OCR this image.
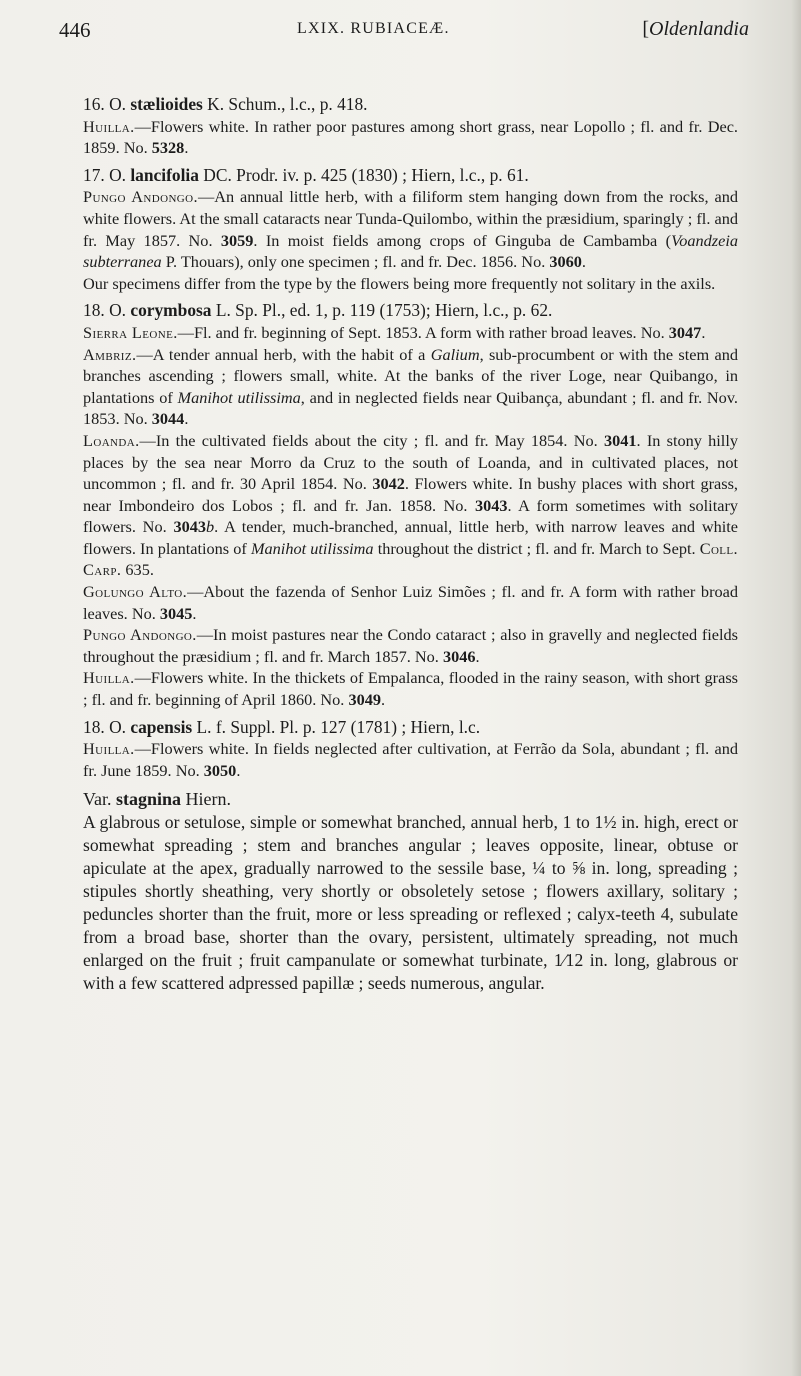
446	LXIX. RUBIACEÆ.	[Oldenlandia

16. O. stælioides K. Schum., l.c., p. 418.

Huilla.—Flowers white. In rather poor pastures among short grass, near Lopollo ; fl. and fr. Dec. 1859. No. 5328.

17. O. lancifolia DC. Prodr. iv. p. 425 (1830) ; Hiern, l.c., p. 61.

Pungo Andongo.—An annual little herb, with a filiform stem hanging down from the rocks, and white flowers. At the small cataracts near Tunda-Quilombo, within the præsidium, sparingly ; fl. and fr. May 1857. No. 3059. In moist fields among crops of Ginguba de Cambamba (Voandzeia subterranea P. Thouars), only one specimen ; fl. and fr. Dec. 1856. No. 3060.

Our specimens differ from the type by the flowers being more frequently not solitary in the axils.

18. O. corymbosa L. Sp. Pl., ed. 1, p. 119 (1753); Hiern, l.c., p. 62.

Sierra Leone.—Fl. and fr. beginning of Sept. 1853. A form with rather broad leaves. No. 3047.

Ambriz.—A tender annual herb, with the habit of a Galium, sub-procumbent or with the stem and branches ascending ; flowers small, white. At the banks of the river Loge, near Quibango, in plantations of Manihot utilissima, and in neglected fields near Quibança, abundant ; fl. and fr. Nov. 1853. No. 3044.

Loanda.—In the cultivated fields about the city ; fl. and fr. May 1854. No. 3041. In stony hilly places by the sea near Morro da Cruz to the south of Loanda, and in cultivated places, not uncommon ; fl. and fr. 30 April 1854. No. 3042. Flowers white. In bushy places with short grass, near Imbondeiro dos Lobos ; fl. and fr. Jan. 1858. No. 3043. A form sometimes with solitary flowers. No. 3043b. A tender, much-branched, annual, little herb, with narrow leaves and white flowers. In plantations of Manihot utilissima throughout the district ; fl. and fr. March to Sept. Coll. Carp. 635.

Golungo Alto.—About the fazenda of Senhor Luiz Simões ; fl. and fr. A form with rather broad leaves. No. 3045.

Pungo Andongo.—In moist pastures near the Condo cataract ; also in gravelly and neglected fields throughout the præsidium ; fl. and fr. March 1857. No. 3046.

Huilla.—Flowers white. In the thickets of Empalanca, flooded in the rainy season, with short grass ; fl. and fr. beginning of April 1860. No. 3049.

18. O. capensis L. f. Suppl. Pl. p. 127 (1781) ; Hiern, l.c.

Huilla.—Flowers white. In fields neglected after cultivation, at Ferrão da Sola, abundant ; fl. and fr. June 1859. No. 3050.

Var. stagnina Hiern.

A glabrous or setulose, simple or somewhat branched, annual herb, 1 to 1½ in. high, erect or somewhat spreading ; stem and branches angular ; leaves opposite, linear, obtuse or apiculate at the apex, gradually narrowed to the sessile base, ¼ to ⅝ in. long, spreading ; stipules shortly sheathing, very shortly or obsoletely setose ; flowers axillary, solitary ; peduncles shorter than the fruit, more or less spreading or reflexed ; calyx-teeth 4, subulate from a broad base, shorter than the ovary, persistent, ultimately spreading, not much enlarged on the fruit ; fruit campanulate or somewhat turbinate, 1⁄12 in. long, glabrous or with a few scattered adpressed papillæ ; seeds numerous, angular.
